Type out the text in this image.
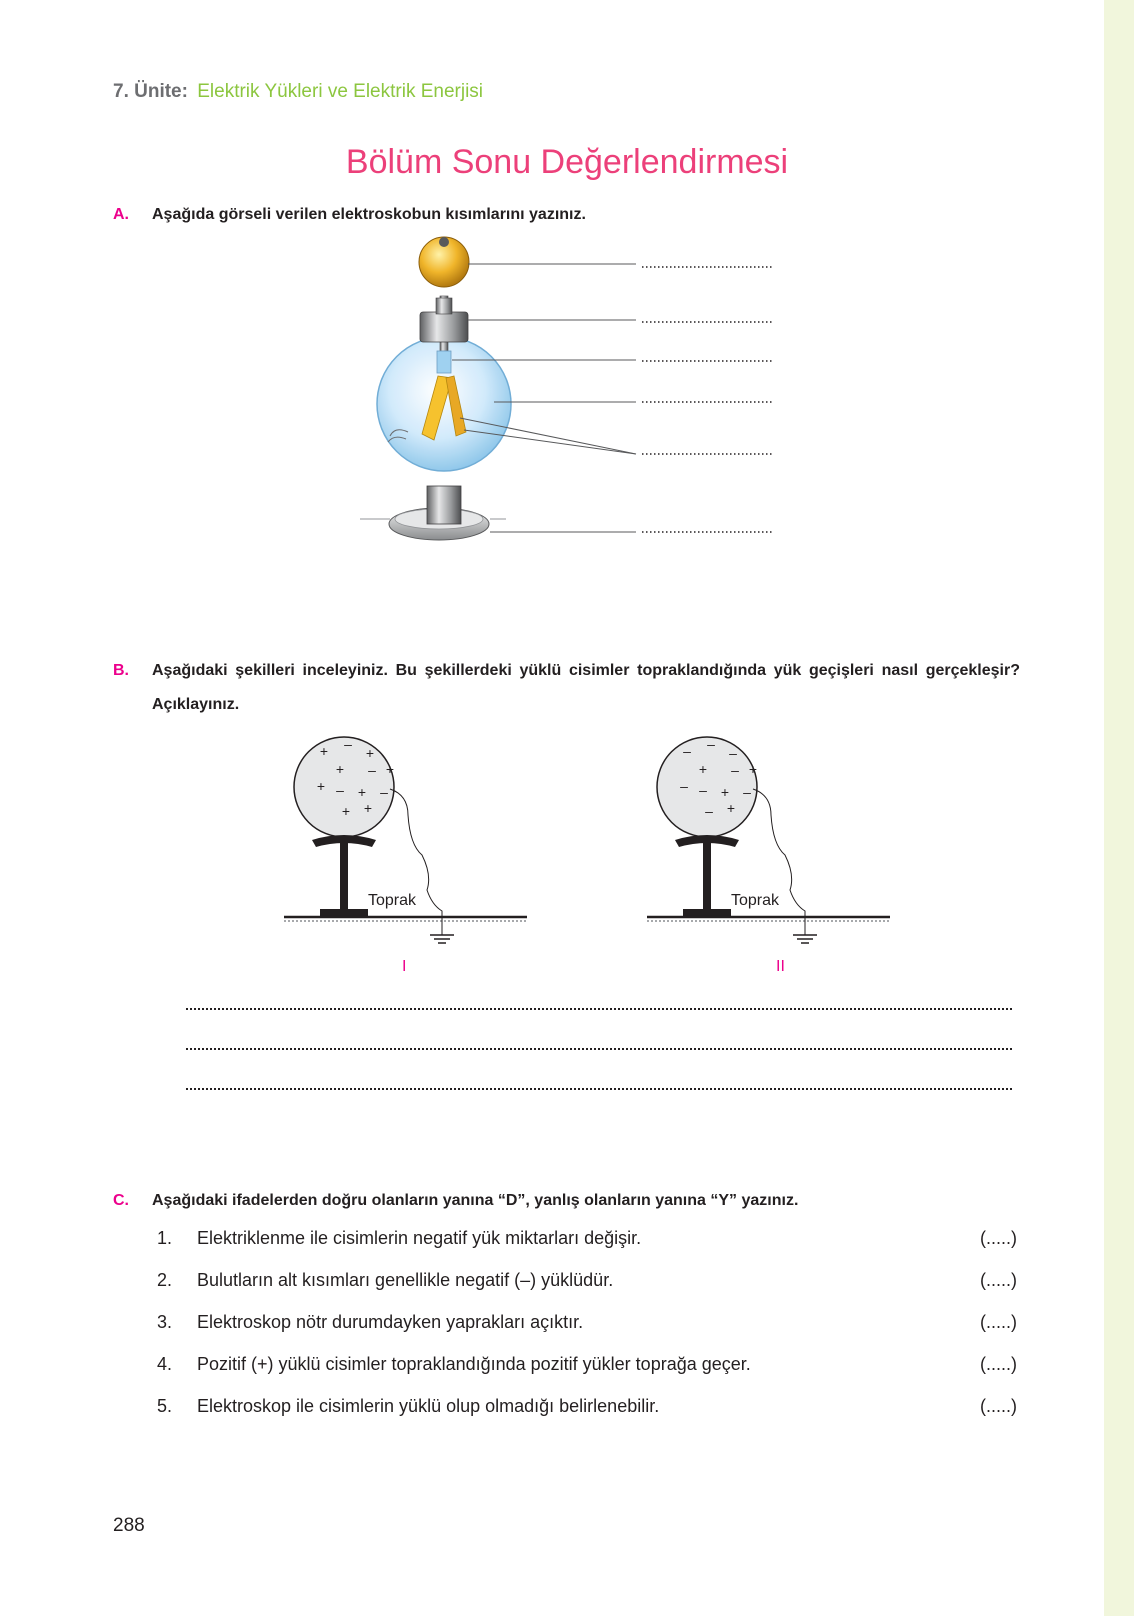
7. Ünite: Elektrik Yükleri ve Elektrik Enerjisi
Bölüm Sonu Değerlendirmesi
A. Aşağıda görseli verilen elektroskobun kısımlarını yazınız.
B. Aşağıdaki şekilleri inceleyiniz. Bu şekillerdeki yüklü cisimler topraklandığında yük geçişleri nasıl gerçekleşir? Açıklayınız.
+ –
+
+ – +
+ – + –
+ +
Toprak
I
– –
–
+ – +
– – + –
– +
Toprak
II
C. Aşağıdaki ifadelerden doğru olanların yanına “D”, yanlış olanların yanına “Y” yazınız.
1. Elektriklenme ile cisimlerin negatif yük miktarları değişir.	(.....)
2. Bulutların alt kısımları genellikle negatif (–) yüklüdür.	(.....)
3. Elektroskop nötr durumdayken yaprakları açıktır.	(.....)
4. Pozitif (+) yüklü cisimler topraklandığında pozitif yükler toprağa geçer.	(.....)
5. Elektroskop ile cisimlerin yüklü olup olmadığı belirlenebilir.	(.....)
288
